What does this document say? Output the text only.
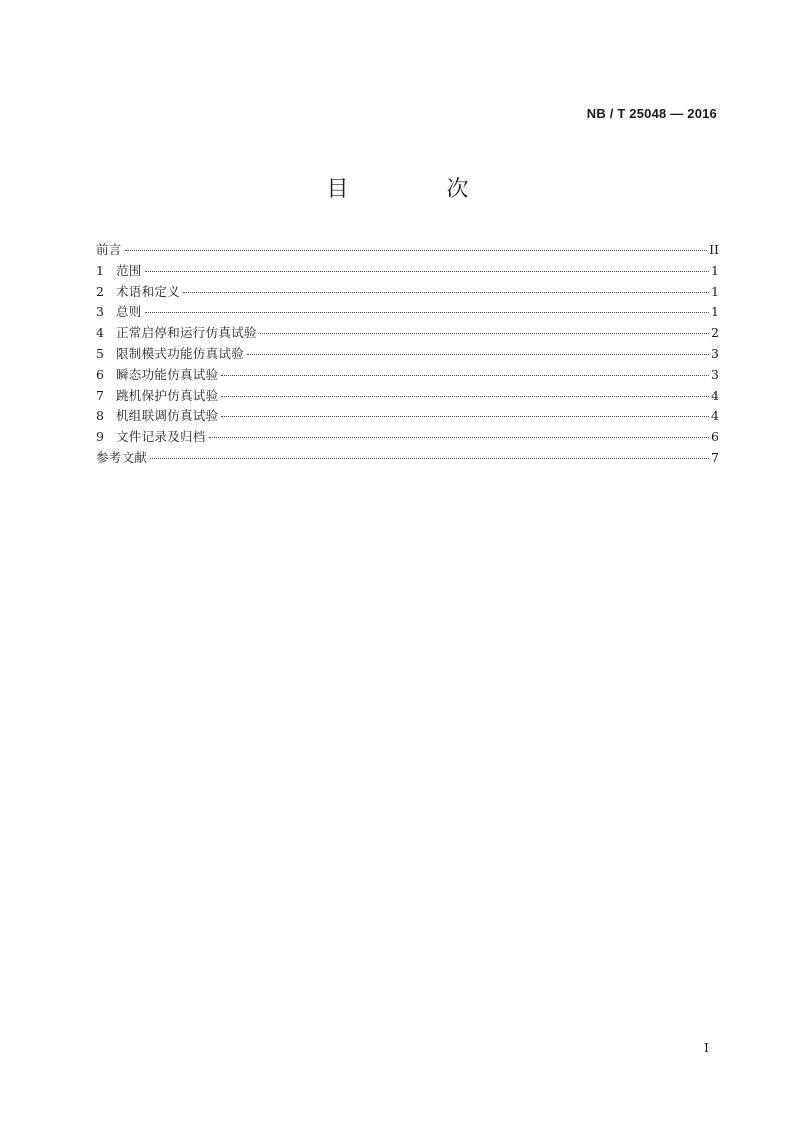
NB / T 25048 — 2016
目　次
前言	II
1 范围	1
2 术语和定义	1
3 总则	1
4 正常启停和运行仿真试验	2
5 限制模式功能仿真试验	3
6 瞬态功能仿真试验	3
7 跳机保护仿真试验	4
8 机组联调仿真试验	4
9 文件记录及归档	6
参考文献	7
I
